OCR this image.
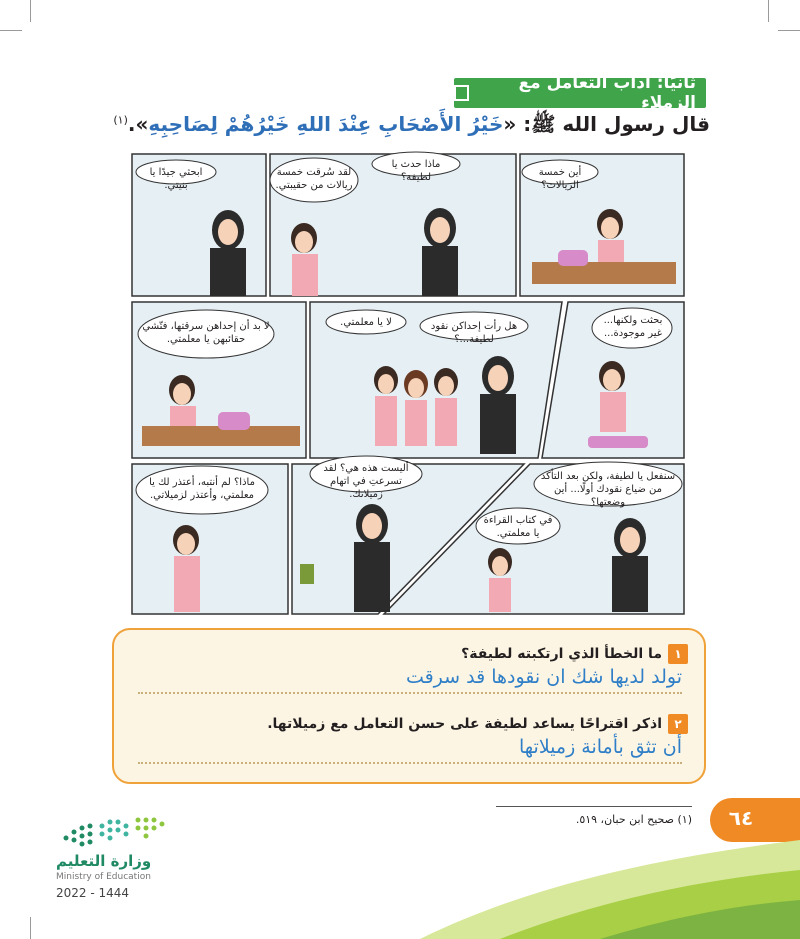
ثانيًا: آداب التعامل مع الزملاء
قال رسول الله ﷺ: «خَيْرُ الأَصْحَابِ عِنْدَ اللهِ خَيْرُهُمْ لِصَاحِبِهِ».$^{(١)}$
أين خمسة الريالات؟
ماذا حدث يا لطيفة؟
لقد سُرقت خمسة ريالات من حقيبتي.
ابحثي جيدًا يا بنيتي.
بحثت ولكنها... غير موجودة...
هل رأت إحداكن نقود لطيفة...؟
لا يا معلمتي.
لا بد أن إحداهن سرقتها، فتّشي حقائبهن يا معلمتي.
سنفعل يا لطيفة، ولكن بعد التأكد من ضياع نقودك أولًا... أين وضعتها؟
في كتاب القراءة يا معلمتي.
أليست هذه هي؟ لقد تسرعتِ في اتهام زميلاتك.
ماذا؟ لم أنتبه، أعتذر لك يا معلمتي، وأعتذر لزميلاتي.
١
ما الخطأ الذي ارتكبته لطيفة؟
تولد لديها شك ان نقودها قد سرقت
٢
اذكر اقتراحًا يساعد لطيفة على حسن التعامل مع زميلاتها.
أن تثق بأمانة زميلاتها
(١) صحيح ابن حبان، ٥١٩.	٦٤
وزارة التعليم
Ministry of Education
2022 - 1444
